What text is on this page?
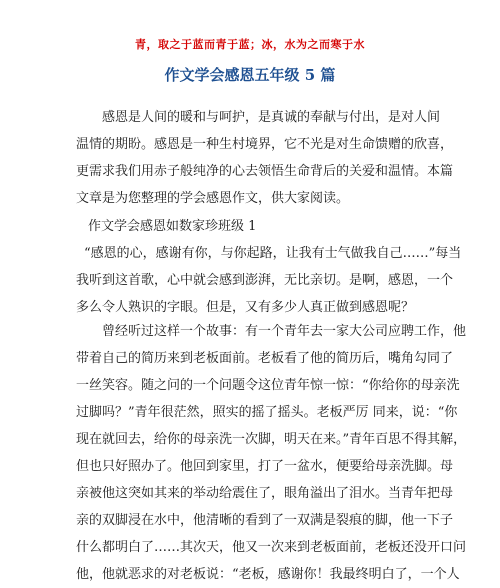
青，取之于蓝而青于蓝；冰，水为之而寒于水
作文学会感恩五年级 5 篇
感恩是人间的暖和与呵护，是真诚的奉献与付出，是对人间
温情的期盼。感恩是一种生村境界，它不光是对生命馈赠的欣喜，
更需求我们用赤子般纯净的心去领悟生命背后的关爱和温情。本篇
文章是为您整理的学会感恩作文，供大家阅读。
作文学会感恩如数家珍班级 1
“感恩的心，感谢有你，与你起路，让我有士气做我自己……”每当
我听到这首歌，心中就会感到澎湃，无比亲切。是啊，感恩，一个
多么令人熟识的字眼。但是，又有多少人真正做到感恩呢？
曾经听过这样一个故事：有一个青年去一家大公司应聘工作，他
带着自己的简历来到老板面前。老板看了他的简历后，嘴角勾同了
一丝笑容。随之问的一个问题令这位青年惊一惊：“你给你的母亲洗
过脚吗？”青年很茫然，照实的摇了摇头。老板严厉 同来，说：“你
现在就回去，给你的母亲洗一次脚，明天在来。”青年百思不得其解，
但也只好照办了。他回到家里，打了一盆水，便要给母亲洗脚。母
亲被他这突如其来的举动给震住了，眼角溢出了泪水。当青年把母
亲的双脚浸在水中，他清晰的看到了一双满是裂痕的脚，他一下子
什么都明白了……其次天，他又一次来到老板面前，老板还没开口问
他，他就恶求的对老板说：“老板，感谢你！我最终明白了，一个人
